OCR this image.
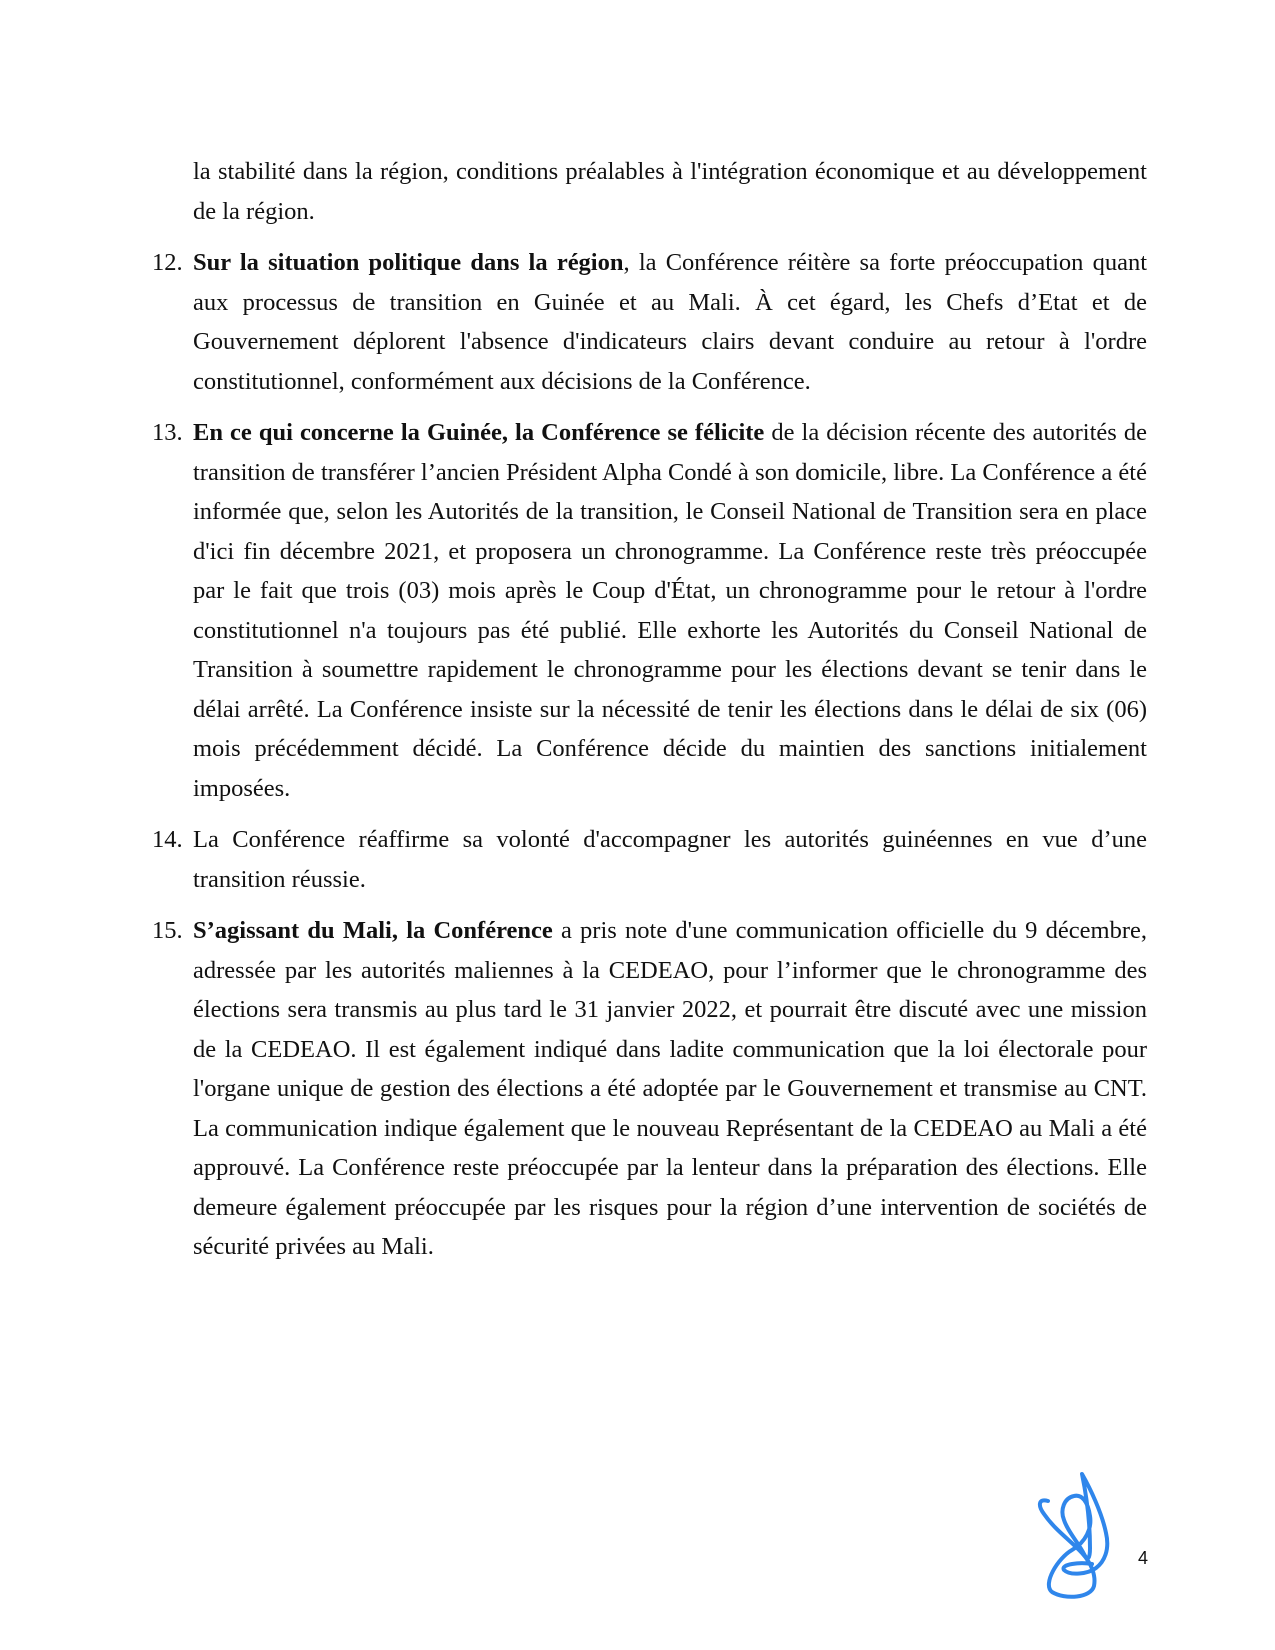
la stabilité dans la région, conditions préalables à l'intégration économique et au développement de la région.

12. Sur la situation politique dans la région, la Conférence réitère sa forte préoccupation quant aux processus de transition en Guinée et au Mali. À cet égard, les Chefs d’Etat et de Gouvernement déplorent l'absence d'indicateurs clairs devant conduire au retour à l'ordre constitutionnel, conformément aux décisions de la Conférence.

13. En ce qui concerne la Guinée, la Conférence se félicite de la décision récente des autorités de transition de transférer l’ancien Président Alpha Condé à son domicile, libre. La Conférence a été informée que, selon les Autorités de la transition, le Conseil National de Transition sera en place d'ici fin décembre 2021, et proposera un chronogramme. La Conférence reste très préoccupée par le fait que trois (03) mois après le Coup d'État, un chronogramme pour le retour à l'ordre constitutionnel n'a toujours pas été publié. Elle exhorte les Autorités du Conseil National de Transition à soumettre rapidement le chronogramme pour les élections devant se tenir dans le délai arrêté. La Conférence insiste sur la nécessité de tenir les élections dans le délai de six (06) mois précédemment décidé. La Conférence décide du maintien des sanctions initialement imposées.

14. La Conférence réaffirme sa volonté d'accompagner les autorités guinéennes en vue d’une transition réussie.

15. S’agissant du Mali, la Conférence a pris note d'une communication officielle du 9 décembre, adressée par les autorités maliennes à la CEDEAO, pour l’informer que le chronogramme des élections sera transmis au plus tard le 31 janvier 2022, et pourrait être discuté avec une mission de la CEDEAO. Il est également indiqué dans ladite communication que la loi électorale pour l'organe unique de gestion des élections a été adoptée par le Gouvernement et transmise au CNT. La communication indique également que le nouveau Représentant de la CEDEAO au Mali a été approuvé. La Conférence reste préoccupée par la lenteur dans la préparation des élections. Elle demeure également préoccupée par les risques pour la région d’une intervention de sociétés de sécurité privées au Mali.

4
